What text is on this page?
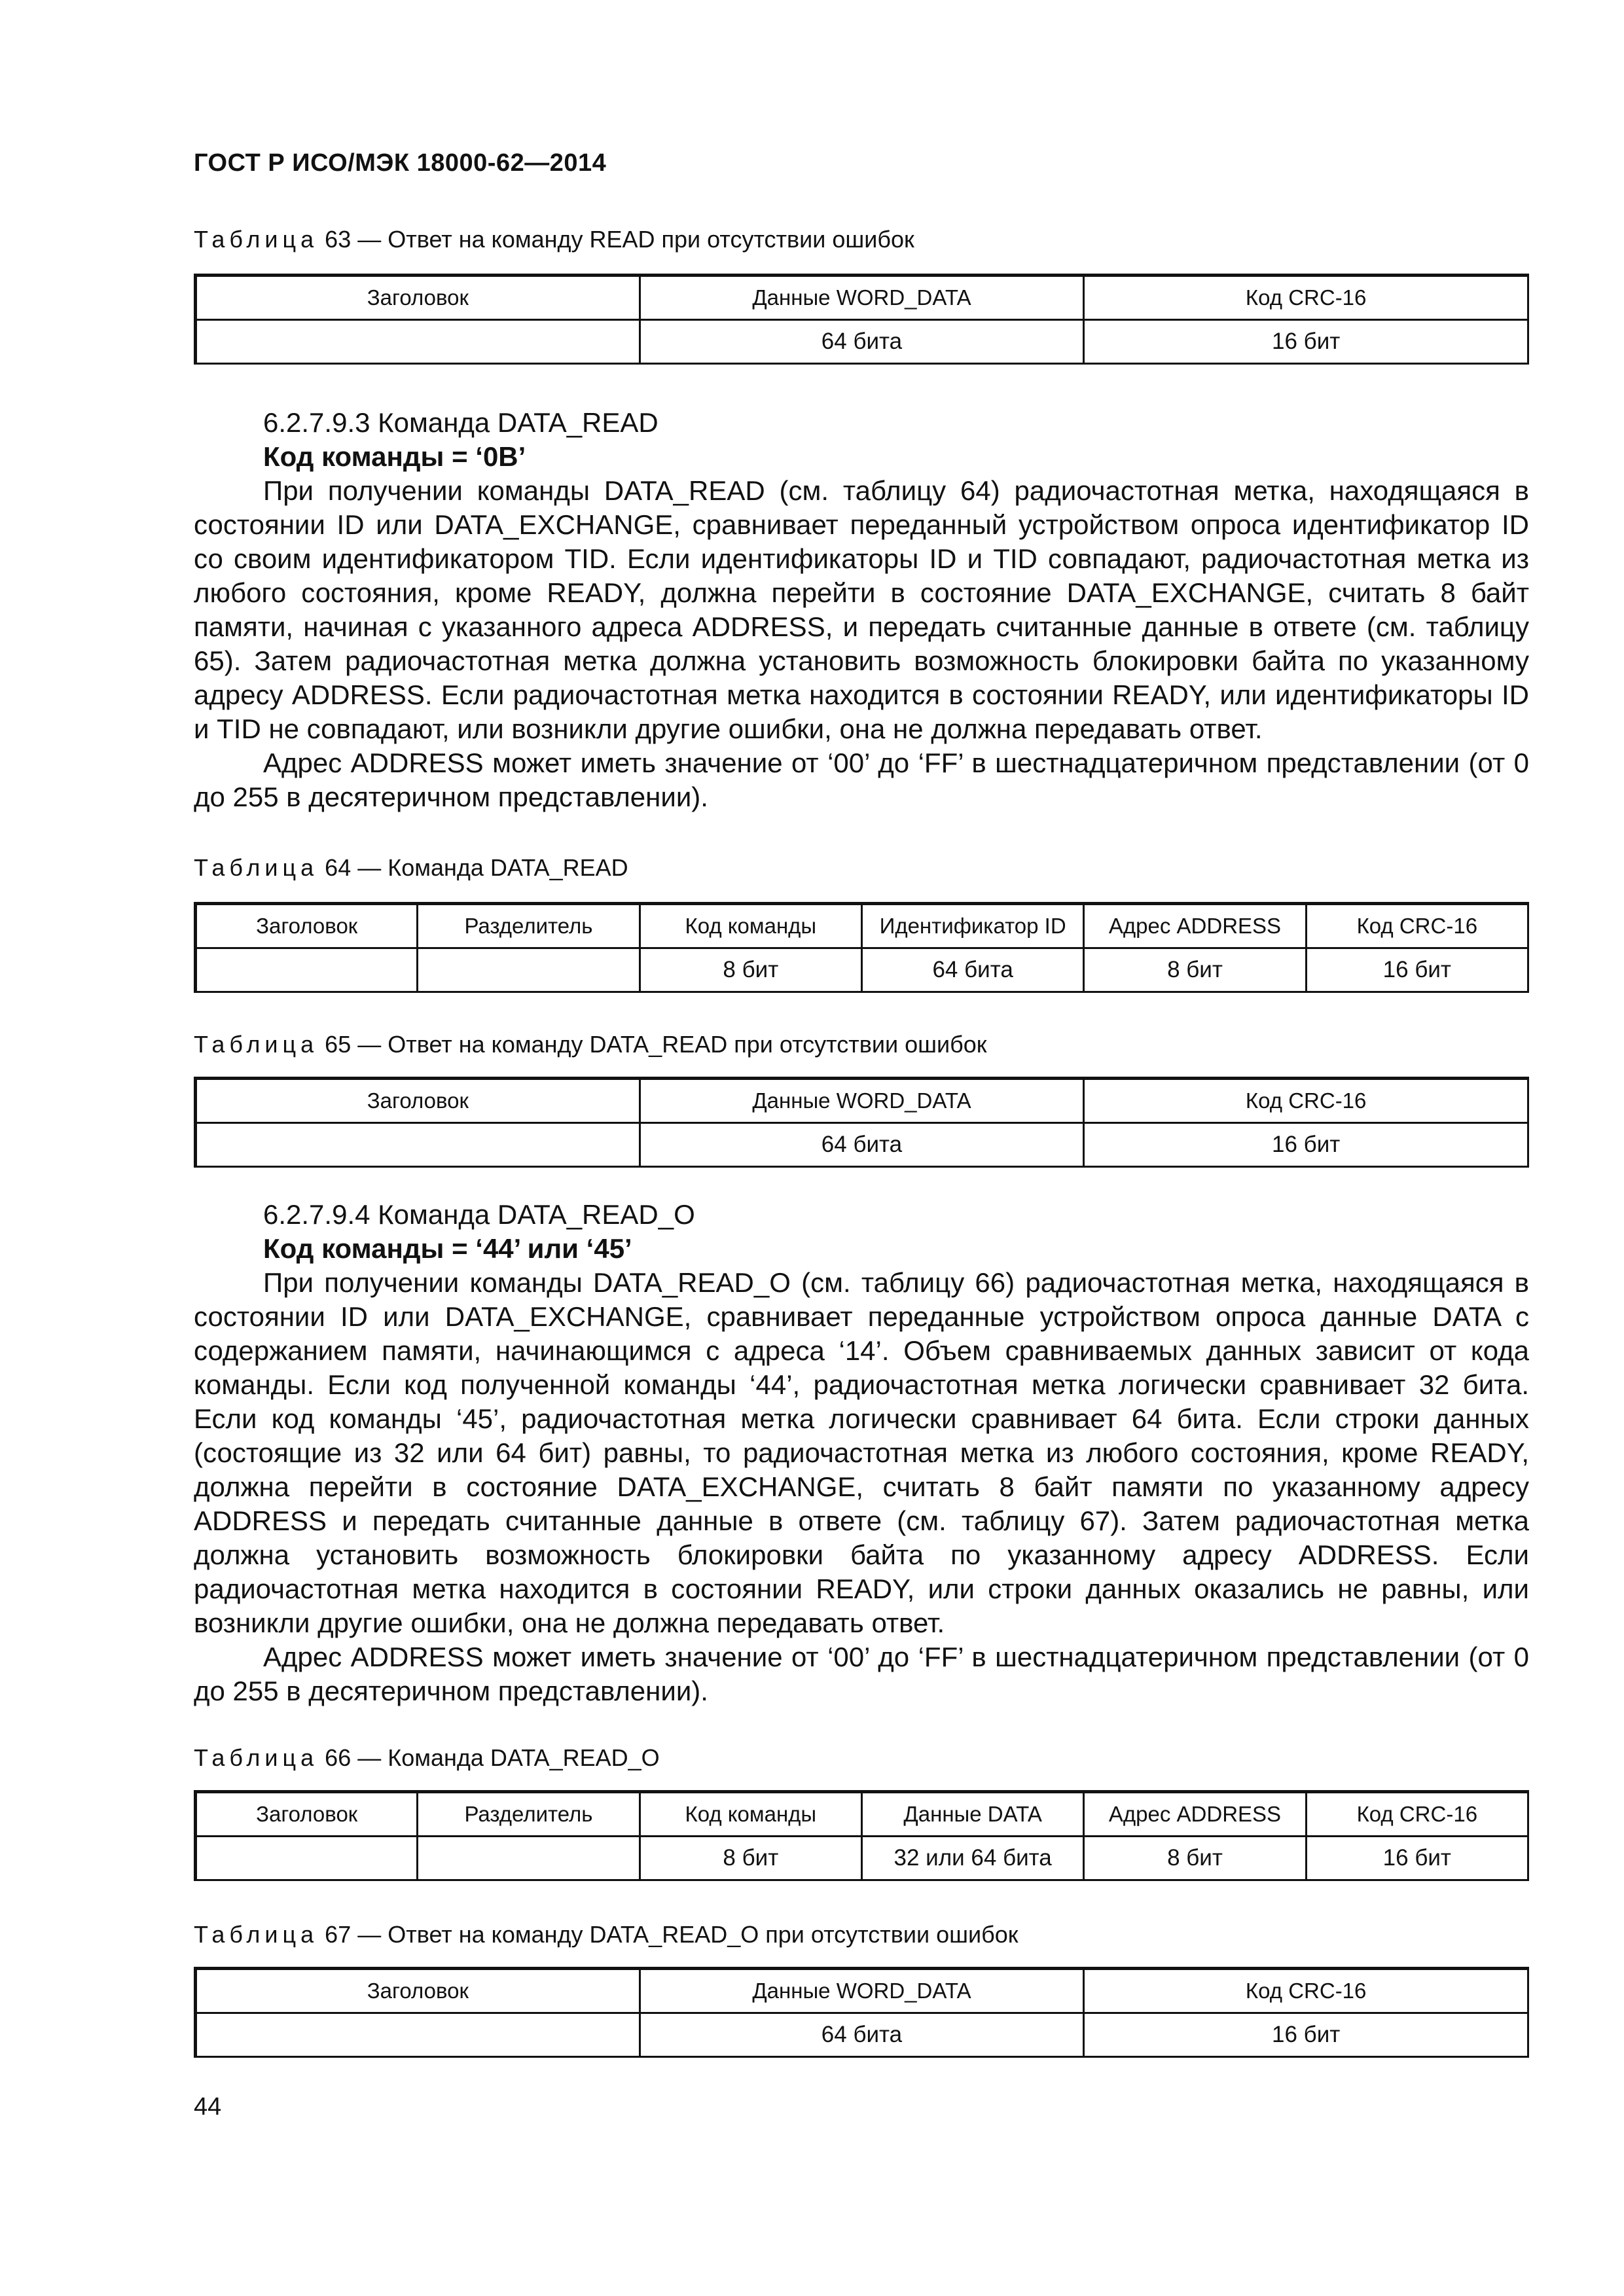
ГОСТ Р ИСО/МЭК 18000-62—2014
Таблица 63 — Ответ на команду READ при отсутствии ошибок
Заголовок	Данные WORD_DATA	Код CRC-16
	64 бита	16 бит

6.2.7.9.3 Команда DATA_READ

Код команды = ‘0B’

При получении команды DATA_READ (см. таблицу 64) радиочастотная метка, находящаяся в состоянии ID или DATA_EXCHANGE, сравнивает переданный устройством опроса идентификатор ID со своим идентификатором TID. Если идентификаторы ID и TID совпадают, радиочастотная метка из любого состояния, кроме READY, должна перейти в состояние DATA_EXCHANGE, считать 8 байт памяти, начиная с указанного адреса ADDRESS, и передать считанные данные в ответе (см. таблицу 65). Затем радиочастотная метка должна установить возможность блокировки байта по указанному адресу ADDRESS. Если радиочастотная метка находится в состоянии READY, или идентификаторы ID и TID не совпадают, или возникли другие ошибки, она не должна передавать ответ.

Адрес ADDRESS может иметь значение от ‘00’ до ‘FF’ в шестнадцатеричном представлении (от 0 до 255 в десятеричном представлении).

Таблица 64 — Команда DATA_READ
Заголовок	Разделитель	Код команды	Идентификатор ID	Адрес ADDRESS	Код CRC-16
		8 бит	64 бита	8 бит	16 бит
Таблица 65 — Ответ на команду DATA_READ при отсутствии ошибок
Заголовок	Данные WORD_DATA	Код CRC-16
	64 бита	16 бит

6.2.7.9.4 Команда DATA_READ_O

Код команды = ‘44’ или ‘45’

При получении команды DATA_READ_O (см. таблицу 66) радиочастотная метка, находящаяся в состоянии ID или DATA_EXCHANGE, сравнивает переданные устройством опроса данные DATA с содержанием памяти, начинающимся с адреса ‘14’. Объем сравниваемых данных зависит от кода команды. Если код полученной команды ‘44’, радиочастотная метка логически сравнивает 32 бита. Если код команды ‘45’, радиочастотная метка логически сравнивает 64 бита. Если строки данных (состоящие из 32 или 64 бит) равны, то радиочастотная метка из любого состояния, кроме READY, должна перейти в состояние DATA_EXCHANGE, считать 8 байт памяти по указанному адресу ADDRESS и передать считанные данные в ответе (см. таблицу 67). Затем радиочастотная метка должна установить возможность блокировки байта по указанному адресу ADDRESS. Если радиочастотная метка находится в состоянии READY, или строки данных оказались не равны, или возникли другие ошибки, она не должна передавать ответ.

Адрес ADDRESS может иметь значение от ‘00’ до ‘FF’ в шестнадцатеричном представлении (от 0 до 255 в десятеричном представлении).

Таблица 66 — Команда DATA_READ_O
Заголовок	Разделитель	Код команды	Данные DATA	Адрес ADDRESS	Код CRC-16
		8 бит	32 или 64 бита	8 бит	16 бит
Таблица 67 — Ответ на команду DATA_READ_O при отсутствии ошибок
Заголовок	Данные WORD_DATA	Код CRC-16
	64 бита	16 бит
44
